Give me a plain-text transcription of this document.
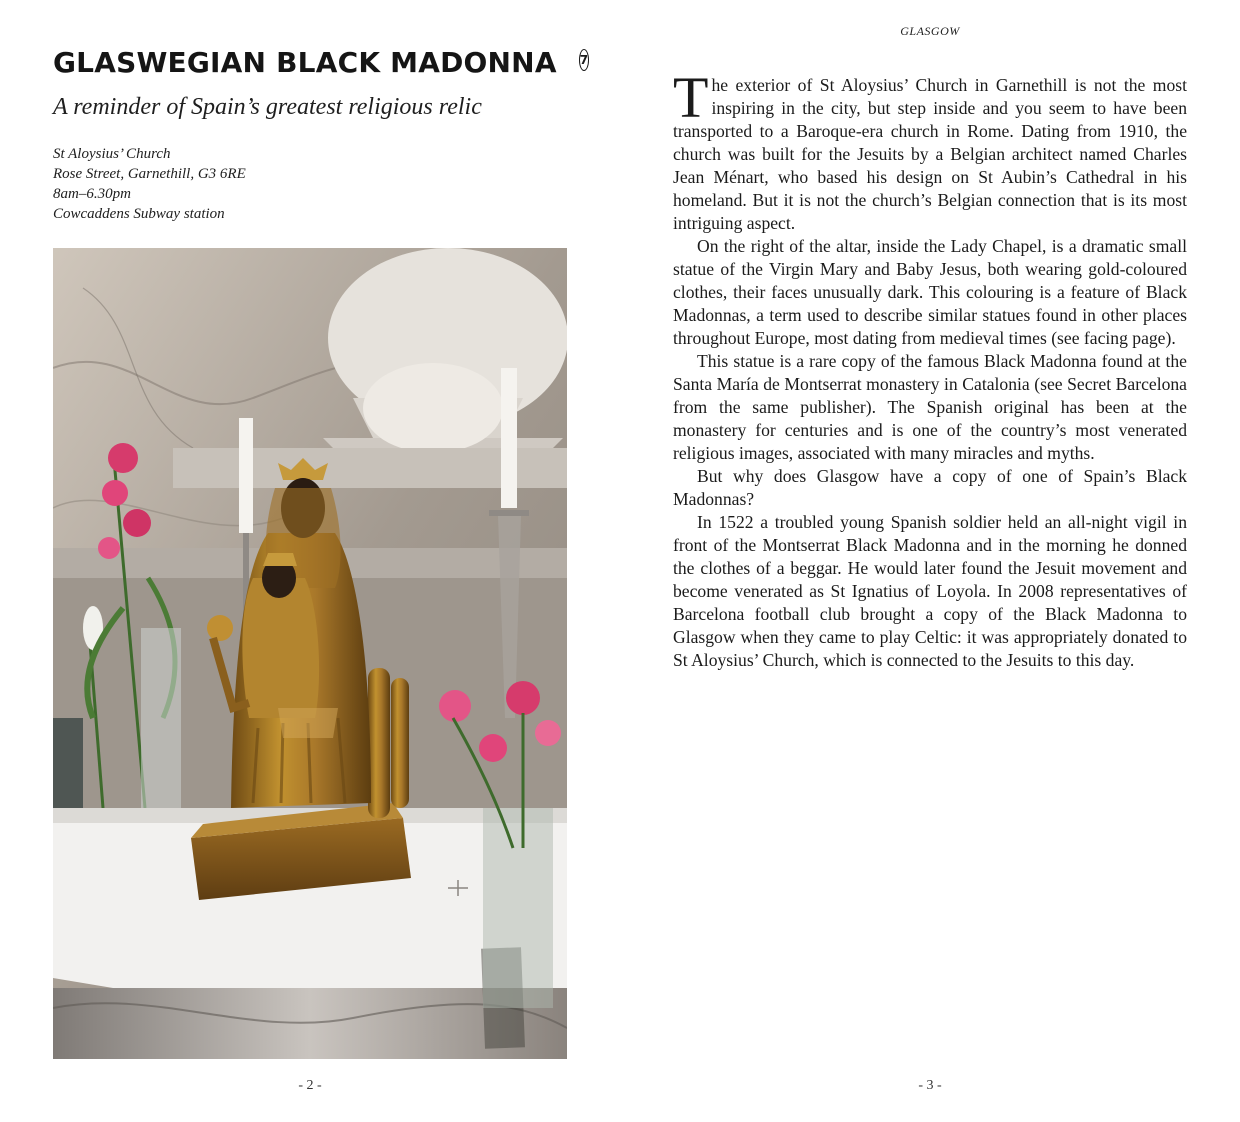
GLASWEGIAN BLACK MADONNA 7
A reminder of Spain’s greatest religious relic
St Aloysius’ Church
Rose Street, Garnethill, G3 6RE
8am–6.30pm
Cowcaddens Subway station
- 2 -
GLASGOW

The exterior of St Aloysius’ Church in Garnethill is not the most inspiring in the city, but step inside and you seem to have been transported to a Baroque-era church in Rome. Dating from 1910, the church was built for the Jesuits by a Belgian architect named Charles Jean Ménart, who based his design on St Aubin’s Cathedral in his homeland. But it is not the church’s Belgian connection that is its most intriguing aspect.

On the right of the altar, inside the Lady Chapel, is a dramatic small statue of the Virgin Mary and Baby Jesus, both wearing gold-coloured clothes, their faces unusually dark. This colouring is a feature of Black Madonnas, a term used to describe similar statues found in other places throughout Europe, most dating from medieval times (see facing page).

This statue is a rare copy of the famous Black Madonna found at the Santa María de Montserrat monastery in Catalonia (see Secret Barcelona from the same publisher). The Spanish original has been at the monastery for centuries and is one of the country’s most venerated religious images, associated with many miracles and myths.

But why does Glasgow have a copy of one of Spain’s Black Madonnas?

In 1522 a troubled young Spanish soldier held an all-night vigil in front of the Montserrat Black Madonna and in the morning he donned the clothes of a beggar. He would later found the Jesuit movement and become venerated as St Ignatius of Loyola. In 2008 representatives of Barcelona football club brought a copy of the Black Madonna to Glasgow when they came to play Celtic: it was appropriately donated to St Aloysius’ Church, which is connected to the Jesuits to this day.

- 3 -
